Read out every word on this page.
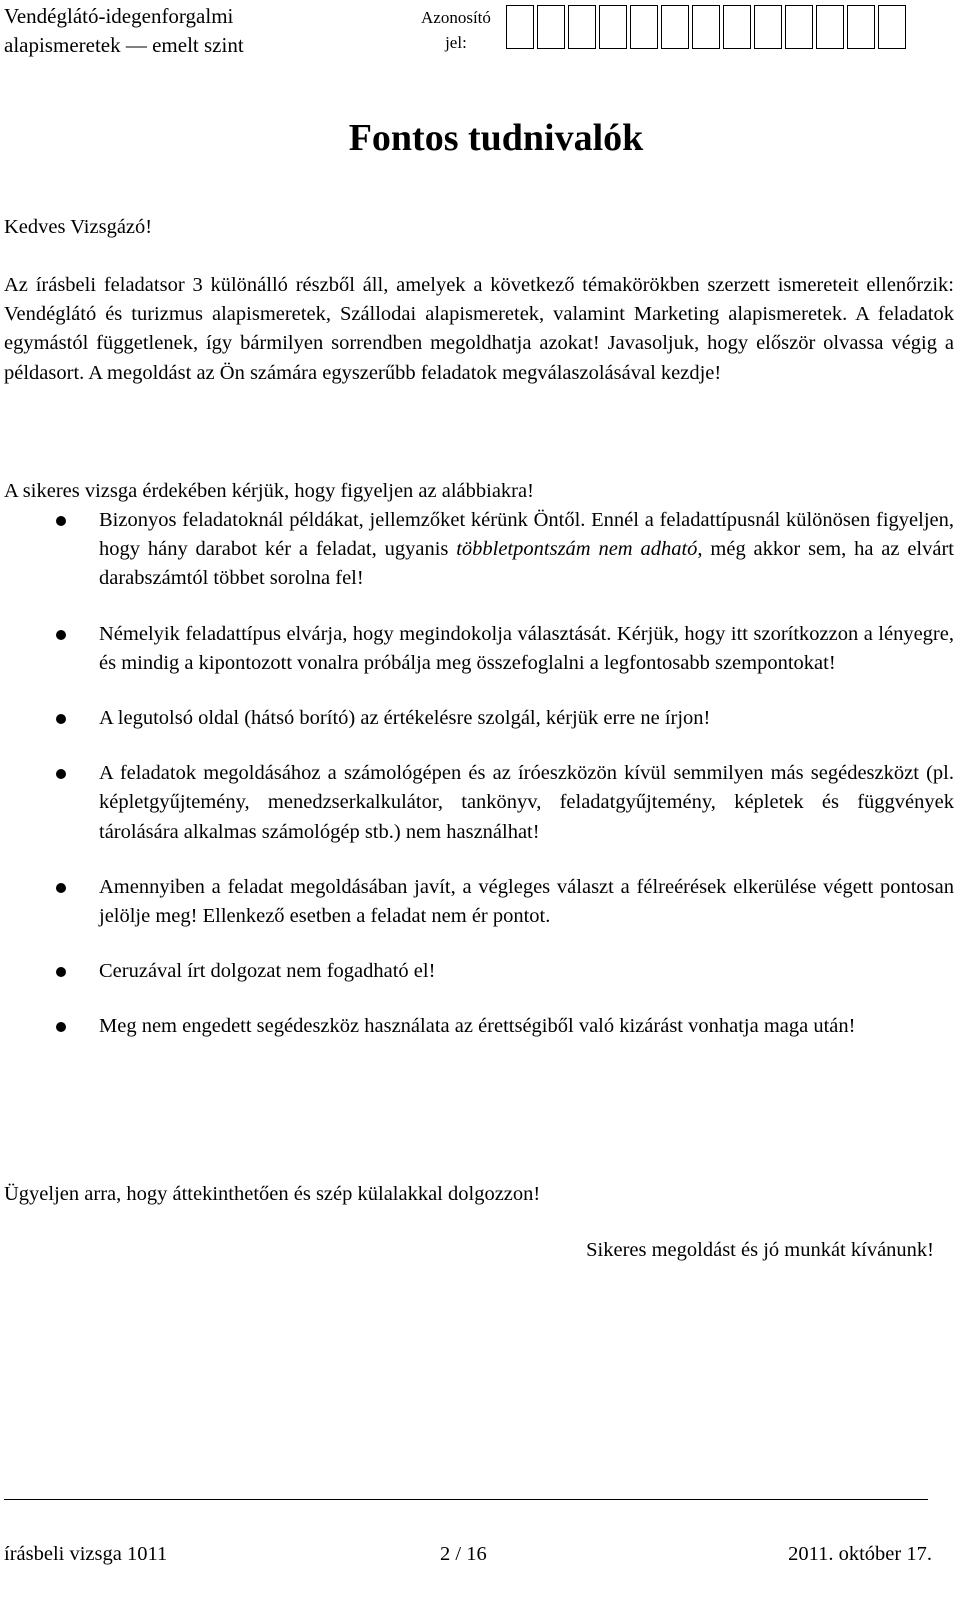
Vendéglátó-idegenforgalmi
alapismeretek — emelt szint
Azonosító
jel:
Fontos tudnivalók
Kedves Vizsgázó!
Az írásbeli feladatsor 3 különálló részből áll, amelyek a következő témakörökben szerzett ismereteit ellenőrzik: Vendéglátó és turizmus alapismeretek, Szállodai alapismeretek, valamint Marketing alapismeretek. A feladatok egymástól függetlenek, így bármilyen sorrendben megoldhatja azokat! Javasoljuk, hogy először olvassa végig a példasort. A megoldást az Ön számára egyszerűbb feladatok megválaszolásával kezdje!
A sikeres vizsga érdekében kérjük, hogy figyeljen az alábbiakra!
Bizonyos feladatoknál példákat, jellemzőket kérünk Öntől. Ennél a feladattípusnál különösen figyeljen, hogy hány darabot kér a feladat, ugyanis többletpontszám nem adható, még akkor sem, ha az elvárt darabszámtól többet sorolna fel!
Némelyik feladattípus elvárja, hogy megindokolja választását. Kérjük, hogy itt szorítkozzon a lényegre, és mindig a kipontozott vonalra próbálja meg összefoglalni a legfontosabb szempontokat!
A legutolsó oldal (hátsó borító) az értékelésre szolgál, kérjük erre ne írjon!
A feladatok megoldásához a számológépen és az íróeszközön kívül semmilyen más segédeszközt (pl. képletgyűjtemény, menedzserkalkulátor, tankönyv, feladatgyűjtemény, képletek és függvények tárolására alkalmas számológép stb.) nem használhat!
Amennyiben a feladat megoldásában javít, a végleges választ a félreérések elkerülése végett pontosan jelölje meg! Ellenkező esetben a feladat nem ér pontot.
Ceruzával írt dolgozat nem fogadható el!
Meg nem engedett segédeszköz használata az érettségiből való kizárást vonhatja maga után!
Ügyeljen arra, hogy áttekinthetően és szép külalakkal dolgozzon!
Sikeres megoldást és jó munkát kívánunk!
írásbeli vizsga 1011	2 / 16	2011. október 17.
